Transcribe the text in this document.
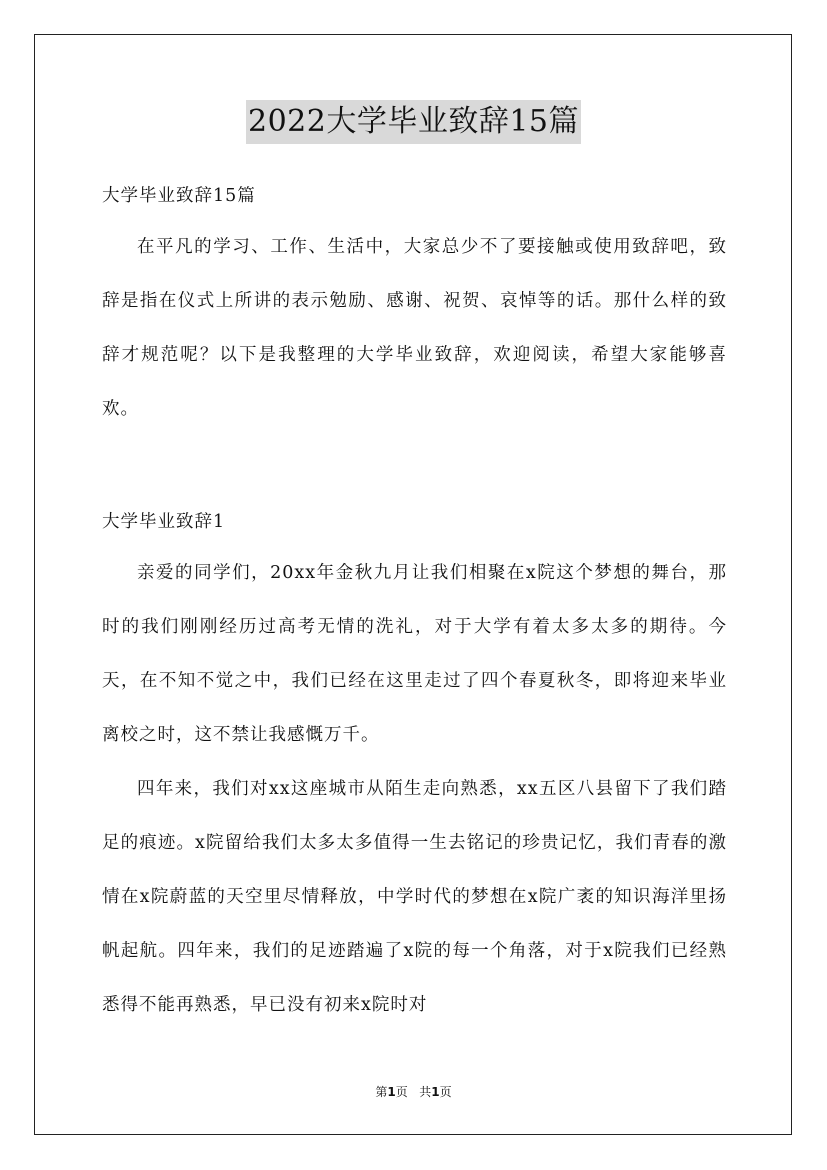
2022大学毕业致辞15篇
大学毕业致辞15篇

在平凡的学习、工作、生活中，大家总少不了要接触或使用致辞吧，致辞是指在仪式上所讲的表示勉励、感谢、祝贺、哀悼等的话。那什么样的致辞才规范呢？以下是我整理的大学毕业致辞，欢迎阅读，希望大家能够喜欢。

大学毕业致辞1

亲爱的同学们，20xx年金秋九月让我们相聚在x院这个梦想的舞台，那时的我们刚刚经历过高考无情的洗礼，对于大学有着太多太多的期待。今天，在不知不觉之中，我们已经在这里走过了四个春夏秋冬，即将迎来毕业离校之时，这不禁让我感慨万千。

四年来，我们对xx这座城市从陌生走向熟悉，xx五区八县留下了我们踏足的痕迹。x院留给我们太多太多值得一生去铭记的珍贵记忆，我们青春的激情在x院蔚蓝的天空里尽情释放，中学时代的梦想在x院广袤的知识海洋里扬帆起航。四年来，我们的足迹踏遍了x院的每一个角落，对于x院我们已经熟悉得不能再熟悉，早已没有初来x院时对

第1页 共1页
